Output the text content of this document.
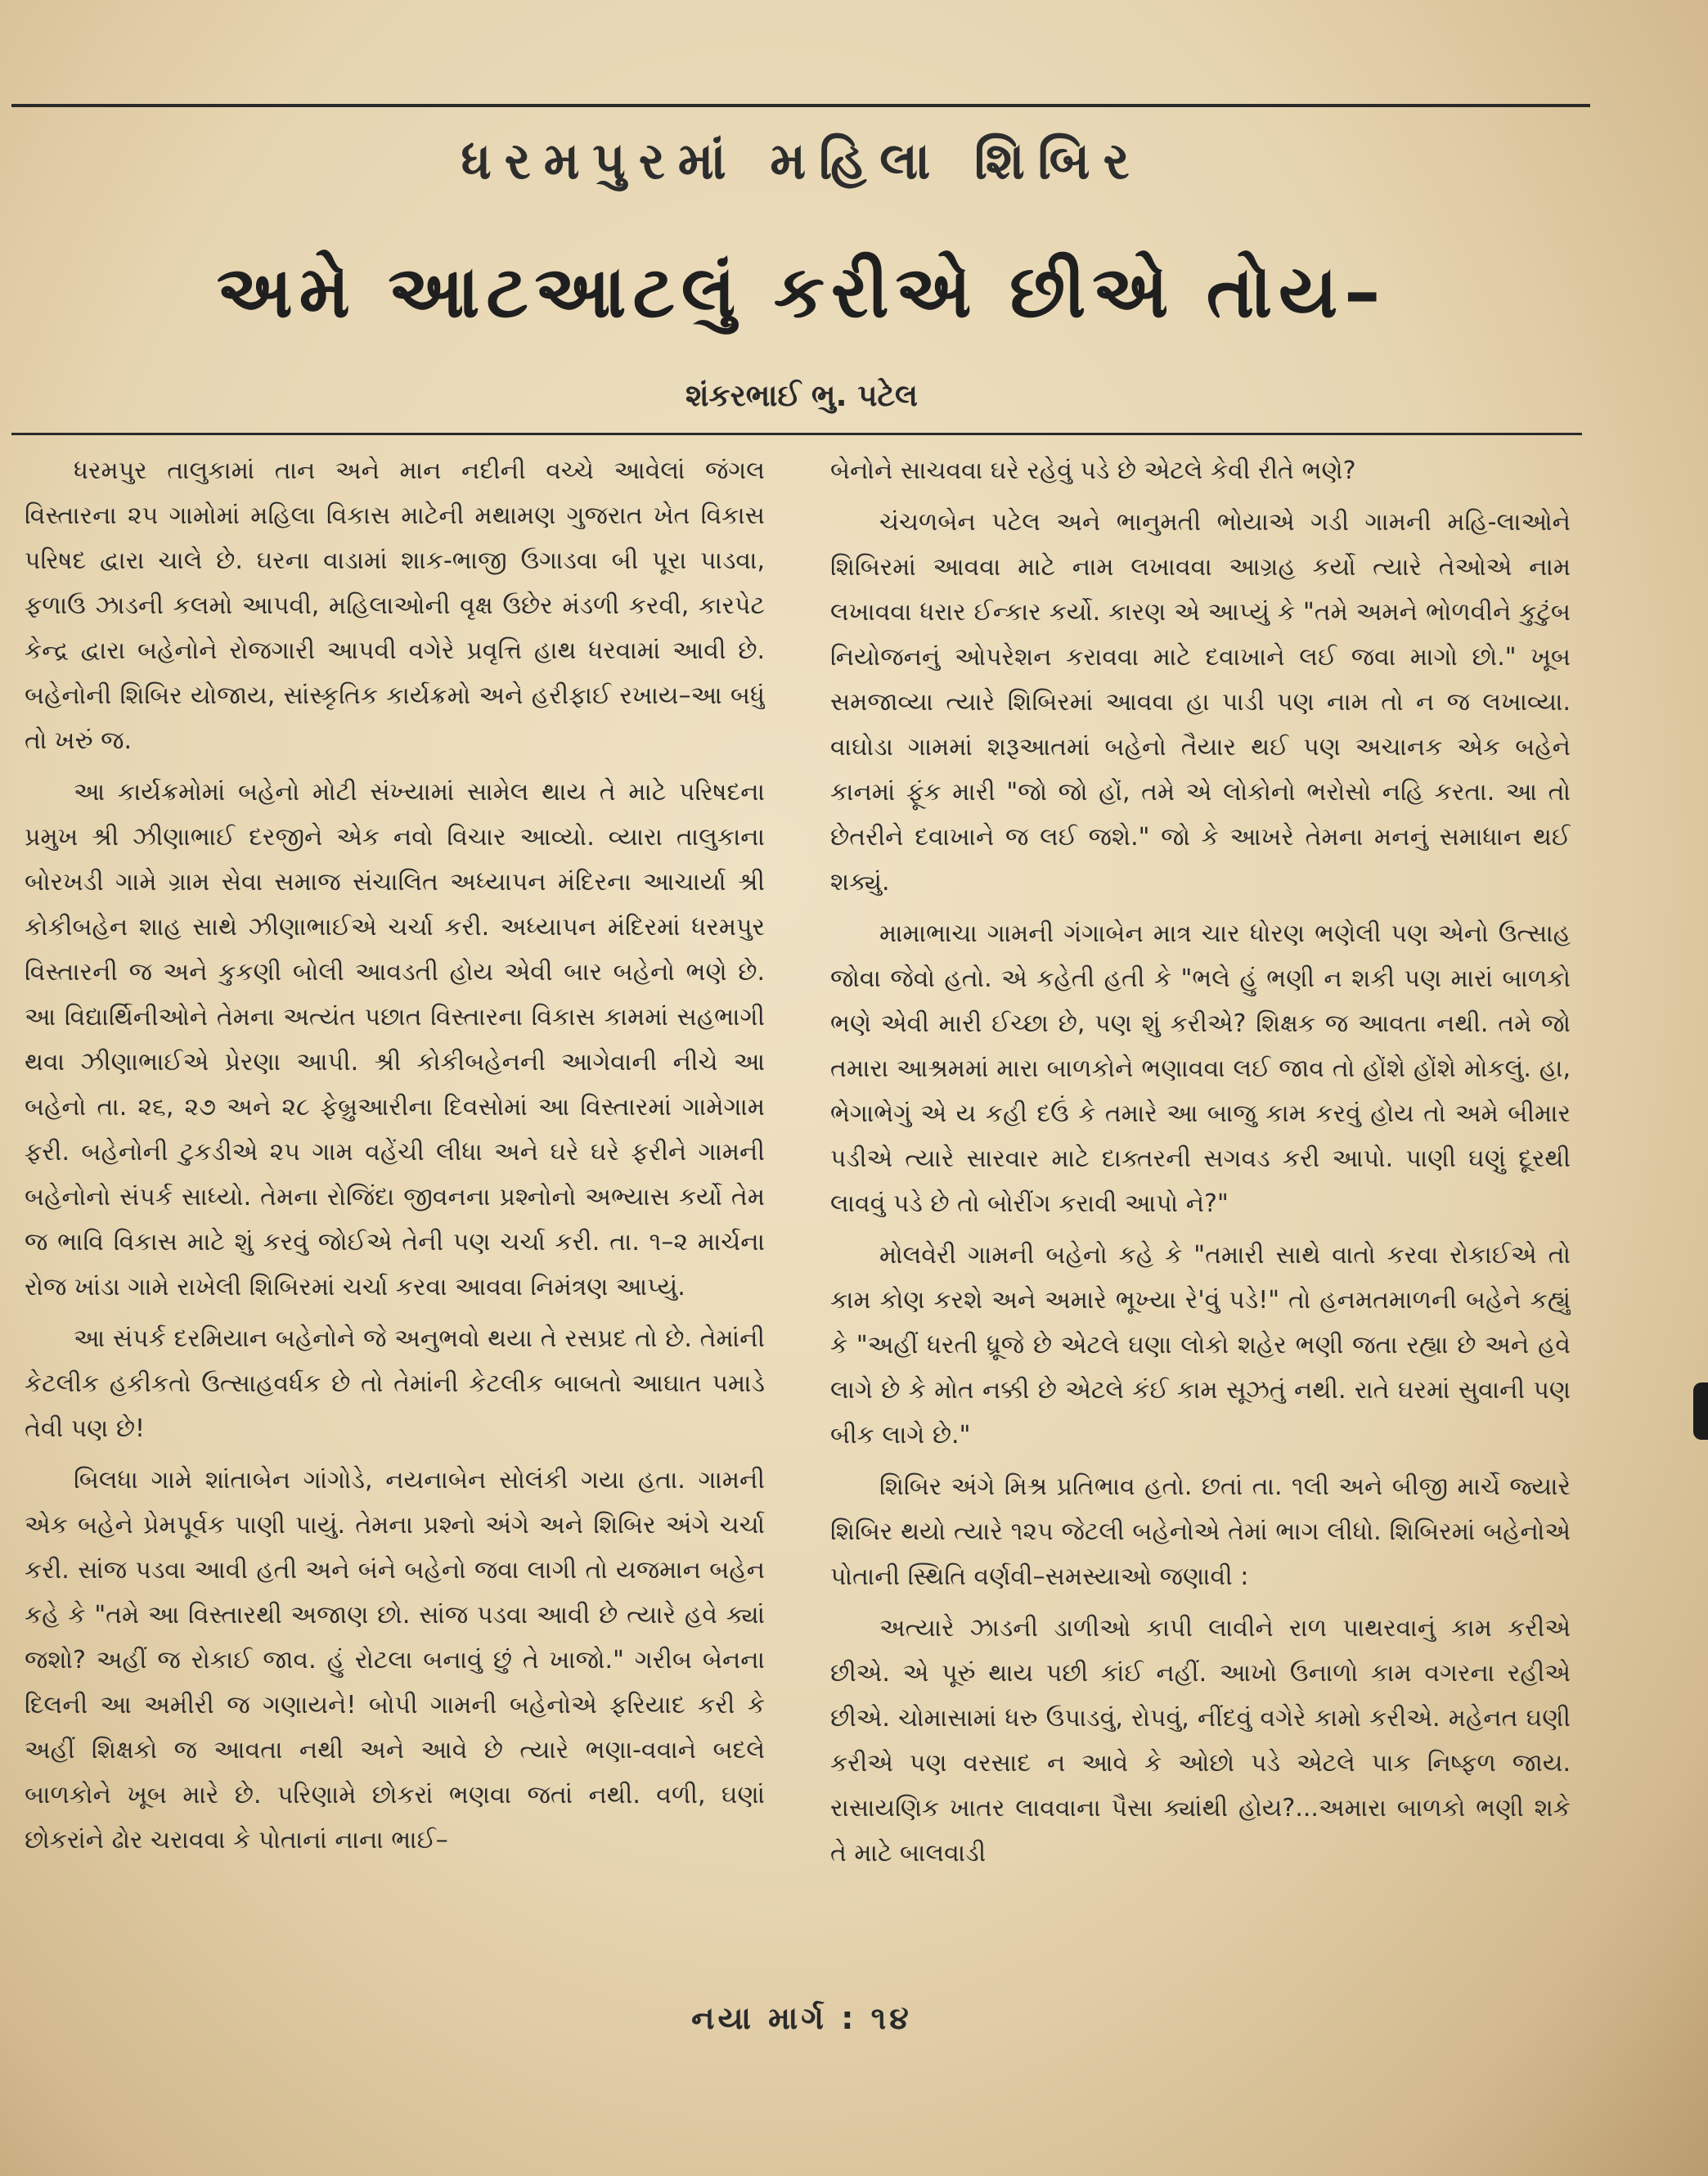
ધરમપુરમાં મહિલા શિબિર
અમે આટઆટલું કરીએ છીએ તોય–
શંકરભાઈ ભુ. પટેલ

ધરમપુર તાલુકામાં તાન અને માન નદીની વચ્ચે આવેલાં જંગલ વિસ્તારના ૨૫ ગામોમાં મહિલા વિકાસ માટેની મથામણ ગુજરાત ખેત વિકાસ પરિષદ દ્વારા ચાલે છે. ઘરના વાડામાં શાક-ભાજી ઉગાડવા બી પૂરા પાડવા, ફળાઉ ઝાડની કલમો આપવી, મહિલાઓની વૃક્ષ ઉછેર મંડળી કરવી, કારપેટ કેન્દ્ર દ્વારા બહેનોને રોજગારી આપવી વગેરે પ્રવૃત્તિ હાથ ધરવામાં આવી છે. બહેનોની શિબિર યોજાય, સાંસ્કૃતિક કાર્યક્રમો અને હરીફાઈ રખાય–આ બધું તો ખરું જ.

આ કાર્યક્રમોમાં બહેનો મોટી સંખ્યામાં સામેલ થાય તે માટે પરિષદના પ્રમુખ શ્રી ઝીણાભાઈ દરજીને એક નવો વિચાર આવ્યો. વ્યારા તાલુકાના બોરખડી ગામે ગ્રામ સેવા સમાજ સંચાલિત અધ્યાપન મંદિરના આચાર્યા શ્રી કોકીબહેન શાહ સાથે ઝીણાભાઈએ ચર્ચા કરી. અધ્યાપન મંદિરમાં ધરમપુર વિસ્તારની જ અને કુકણી બોલી આવડતી હોય એવી બાર બહેનો ભણે છે. આ વિદ્યાર્થિનીઓને તેમના અત્યંત પછાત વિસ્તારના વિકાસ કામમાં સહભાગી થવા ઝીણાભાઈએ પ્રેરણા આપી. શ્રી કોકીબહેનની આગેવાની નીચે આ બહેનો તા. ૨૬, ૨૭ અને ૨૮ ફેબ્રુઆરીના દિવસોમાં આ વિસ્તારમાં ગામેગામ ફરી. બહેનોની ટુકડીએ ૨૫ ગામ વહેંચી લીધા અને ઘરે ઘરે ફરીને ગામની બહેનોનો સંપર્ક સાધ્યો. તેમના રોજિંદા જીવનના પ્રશ્નોનો અભ્યાસ કર્યો તેમ જ ભાવિ વિકાસ માટે શું કરવું જોઈએ તેની પણ ચર્ચા કરી. તા. ૧–૨ માર્ચના રોજ ખાંડા ગામે રાખેલી શિબિરમાં ચર્ચા કરવા આવવા નિમંત્રણ આપ્યું.

આ સંપર્ક દરમિયાન બહેનોને જે અનુભવો થયા તે રસપ્રદ તો છે. તેમાંની કેટલીક હકીકતો ઉત્સાહવર્ધક છે તો તેમાંની કેટલીક બાબતો આઘાત પમાડે તેવી પણ છે!

બિલધા ગામે શાંતાબેન ગાંગોડે, નયનાબેન સોલંકી ગયા હતા. ગામની એક બહેને પ્રેમપૂર્વક પાણી પાયું. તેમના પ્રશ્નો અંગે અને શિબિર અંગે ચર્ચા કરી. સાંજ પડવા આવી હતી અને બંને બહેનો જવા લાગી તો યજમાન બહેન કહે કે "તમે આ વિસ્તારથી અજાણ છો. સાંજ પડવા આવી છે ત્યારે હવે ક્યાં જશો? અહીં જ રોકાઈ જાવ. હું રોટલા બનાવું છું તે ખાજો." ગરીબ બેનના દિલની આ અમીરી જ ગણાયને! બોપી ગામની બહેનોએ ફરિયાદ કરી કે અહીં શિક્ષકો જ આવતા નથી અને આવે છે ત્યારે ભણા-વવાને બદલે બાળકોને ખૂબ મારે છે. પરિણામે છોકરાં ભણવા જતાં નથી. વળી, ઘણાં છોકરાંને ઢોર ચરાવવા કે પોતાનાં નાના ભાઈ–

બેનોને સાચવવા ઘરે રહેવું પડે છે એટલે કેવી રીતે ભણે?

ચંચળબેન પટેલ અને ભાનુમતી ભોયાએ ગડી ગામની મહિ-લાઓને શિબિરમાં આવવા માટે નામ લખાવવા આગ્રહ કર્યો ત્યારે તેઓએ નામ લખાવવા ધરાર ઈન્કાર કર્યો. કારણ એ આપ્યું કે "તમે અમને ભોળવીને કુટુંબ નિયોજનનું ઓપરેશન કરાવવા માટે દવાખાને લઈ જવા માગો છો." ખૂબ સમજાવ્યા ત્યારે શિબિરમાં આવવા હા પાડી પણ નામ તો ન જ લખાવ્યા. વાઘોડા ગામમાં શરૂઆતમાં બહેનો તૈયાર થઈ પણ અચાનક એક બહેને કાનમાં ફૂંક મારી "જો જો હોં, તમે એ લોકોનો ભરોસો નહિ કરતા. આ તો છેતરીને દવાખાને જ લઈ જશે." જો કે આખરે તેમના મનનું સમાધાન થઈ શક્યું.

મામાભાચા ગામની ગંગાબેન માત્ર ચાર ધોરણ ભણેલી પણ એનો ઉત્સાહ જોવા જેવો હતો. એ કહેતી હતી કે "ભલે હું ભણી ન શકી પણ મારાં બાળકો ભણે એવી મારી ઈચ્છા છે, પણ શું કરીએ? શિક્ષક જ આવતા નથી. તમે જો તમારા આશ્રમમાં મારા બાળકોને ભણાવવા લઈ જાવ તો હોંશે હોંશે મોકલું. હા, ભેગાભેગું એ ય કહી દઉં કે તમારે આ બાજુ કામ કરવું હોય તો અમે બીમાર પડીએ ત્યારે સારવાર માટે દાક્તરની સગવડ કરી આપો. પાણી ઘણું દૂરથી લાવવું પડે છે તો બોરીંગ કરાવી આપો ને?"

મોલવેરી ગામની બહેનો કહે કે "તમારી સાથે વાતો કરવા રોકાઈએ તો કામ કોણ કરશે અને અમારે ભૂખ્યા રે'વું પડે!" તો હનમતમાળની બહેને કહ્યું કે "અહીં ધરતી ધ્રૂજે છે એટલે ઘણા લોકો શહેર ભણી જતા રહ્યા છે અને હવે લાગે છે કે મોત નક્કી છે એટલે કંઈ કામ સૂઝતું નથી. રાતે ઘરમાં સુવાની પણ બીક લાગે છે."

શિબિર અંગે મિશ્ર પ્રતિભાવ હતો. છતાં તા. ૧લી અને બીજી માર્ચે જ્યારે શિબિર થયો ત્યારે ૧૨૫ જેટલી બહેનોએ તેમાં ભાગ લીધો. શિબિરમાં બહેનોએ પોતાની સ્થિતિ વર્ણવી–સમસ્યાઓ જણાવી :

અત્યારે ઝાડની ડાળીઓ કાપી લાવીને રાળ પાથરવાનું કામ કરીએ છીએ. એ પૂરું થાય પછી કાંઈ નહીં. આખો ઉનાળો કામ વગરના રહીએ છીએ. ચોમાસામાં ધરુ ઉપાડવું, રોપવું, નીંદવું વગેરે કામો કરીએ. મહેનત ઘણી કરીએ પણ વરસાદ ન આવે કે ઓછો પડે એટલે પાક નિષ્ફળ જાય. રાસાયણિક ખાતર લાવવાના પૈસા ક્યાંથી હોય?...અમારા બાળકો ભણી શકે તે માટે બાલવાડી

નયા માર્ગ : ૧૪
